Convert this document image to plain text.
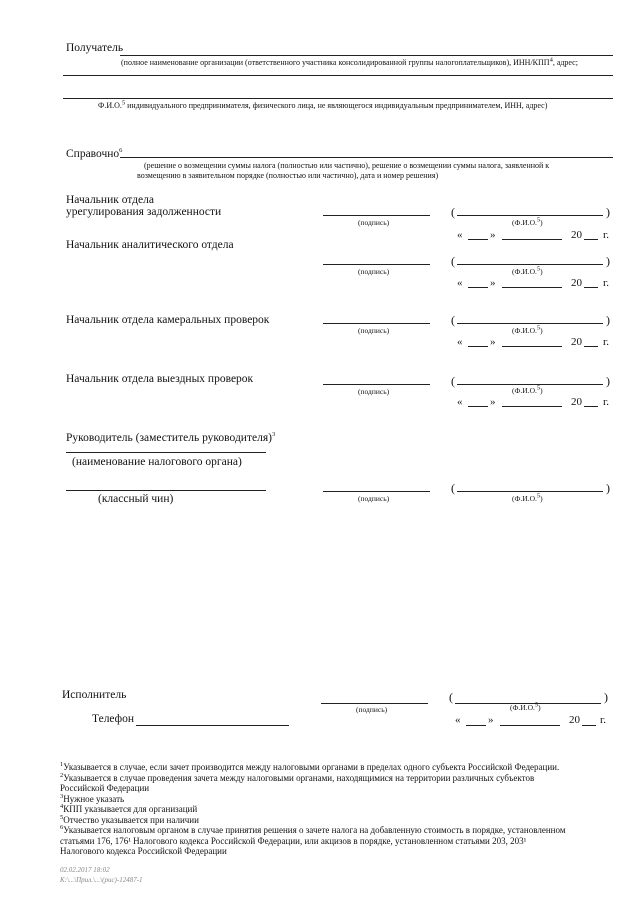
Получатель
(полное наименование организации (ответственного участника консолидированной группы налогоплательщиков), ИНН/КПП$^4$, адрес;
Ф.И.О.$^5$ индивидуального предпринимателя, физического лица, не являющегося индивидуальным предпринимателем, ИНН, адрес)
Справочно$^6$
(решение о возмещении суммы налога (полностью или частично), решение о возмещении суммы налога, заявленной к
возмещению в заявительном порядке (полностью или частично), дата и номер решения)
Начальник отдела
урегулирования задолженности
(подпись)
(	)
(Ф.И.О.5)
«	»	20 г.
Начальник аналитического отдела
(подпись)
(	)
(Ф.И.О.5)
«	»	20 г.
Начальник отдела камеральных проверок
(подпись)
(	)
(Ф.И.О.5)
«	»	20 г.
Начальник отдела выездных проверок
(подпись)
(	)
(Ф.И.О.5)
«	»	20 г.
Руководитель (заместитель руководителя)$^3$
(наименование налогового органа)
(классный чин)	(подпись)
(	)
(Ф.И.О.5)
Исполнитель
(подпись)
(	)
(Ф.И.О.5)
Телефон	«	»	20 г.
$^1$Указывается в случае, если зачет производится между налоговыми органами в пределах одного субъекта Российской Федерации.
$^2$Указывается в случае проведения зачета между налоговыми органами, находящимися на территории различных субъектов
Российской Федерации
$^3$Нужное указать
$^4$КПП указывается для организаций
$^5$Отчество указывается при наличии
$^6$Указывается налоговым органом в случае принятия решения о зачете налога на добавленную стоимость в порядке, установленном
статьями 176, 176¹ Налогового кодекса Российской Федерации, или акцизов в порядке, установленном статьями 203, 203¹
Налогового кодекса Российской Федерации
02.02.2017 18:02
К:\...\Прил.\...\(рис)-12487-1
